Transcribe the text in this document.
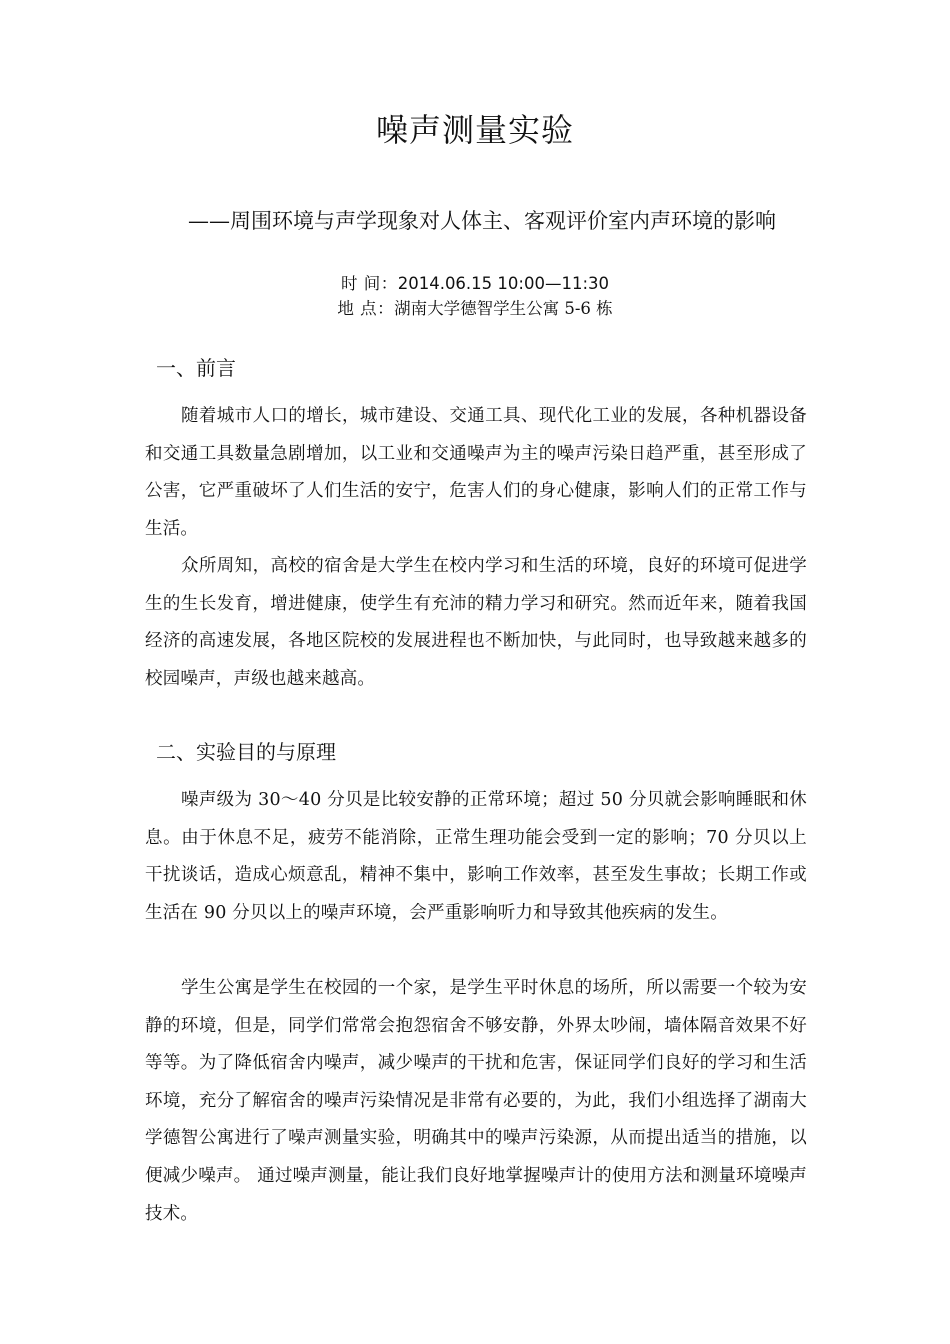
噪声测量实验

——周围环境与声学现象对人体主、客观评价室内声环境的影响

时 间：2014.06.15 10:00—11:30

地 点：湖南大学德智学生公寓 5-6 栋

一、前言

随着城市人口的增长，城市建设、交通工具、现代化工业的发展，各种机器设备和交通工具数量急剧增加，以工业和交通噪声为主的噪声污染日趋严重，甚至形成了公害，它严重破坏了人们生活的安宁，危害人们的身心健康，影响人们的正常工作与生活。

众所周知，高校的宿舍是大学生在校内学习和生活的环境，良好的环境可促进学生的生长发育，增进健康，使学生有充沛的精力学习和研究。然而近年来，随着我国经济的高速发展，各地区院校的发展进程也不断加快，与此同时，也导致越来越多的校园噪声，声级也越来越高。

二、实验目的与原理

噪声级为 30～40 分贝是比较安静的正常环境；超过 50 分贝就会影响睡眠和休息。由于休息不足，疲劳不能消除，正常生理功能会受到一定的影响；70 分贝以上干扰谈话，造成心烦意乱，精神不集中，影响工作效率，甚至发生事故；长期工作或生活在 90 分贝以上的噪声环境，会严重影响听力和导致其他疾病的发生。

学生公寓是学生在校园的一个家，是学生平时休息的场所，所以需要一个较为安静的环境，但是，同学们常常会抱怨宿舍不够安静，外界太吵闹，墙体隔音效果不好等等。为了降低宿舍内噪声，减少噪声的干扰和危害，保证同学们良好的学习和生活环境，充分了解宿舍的噪声污染情况是非常有必要的，为此，我们小组选择了湖南大学德智公寓进行了噪声测量实验，明确其中的噪声污染源，从而提出适当的措施，以便减少噪声。 通过噪声测量，能让我们良好地掌握噪声计的使用方法和测量环境噪声技术。
